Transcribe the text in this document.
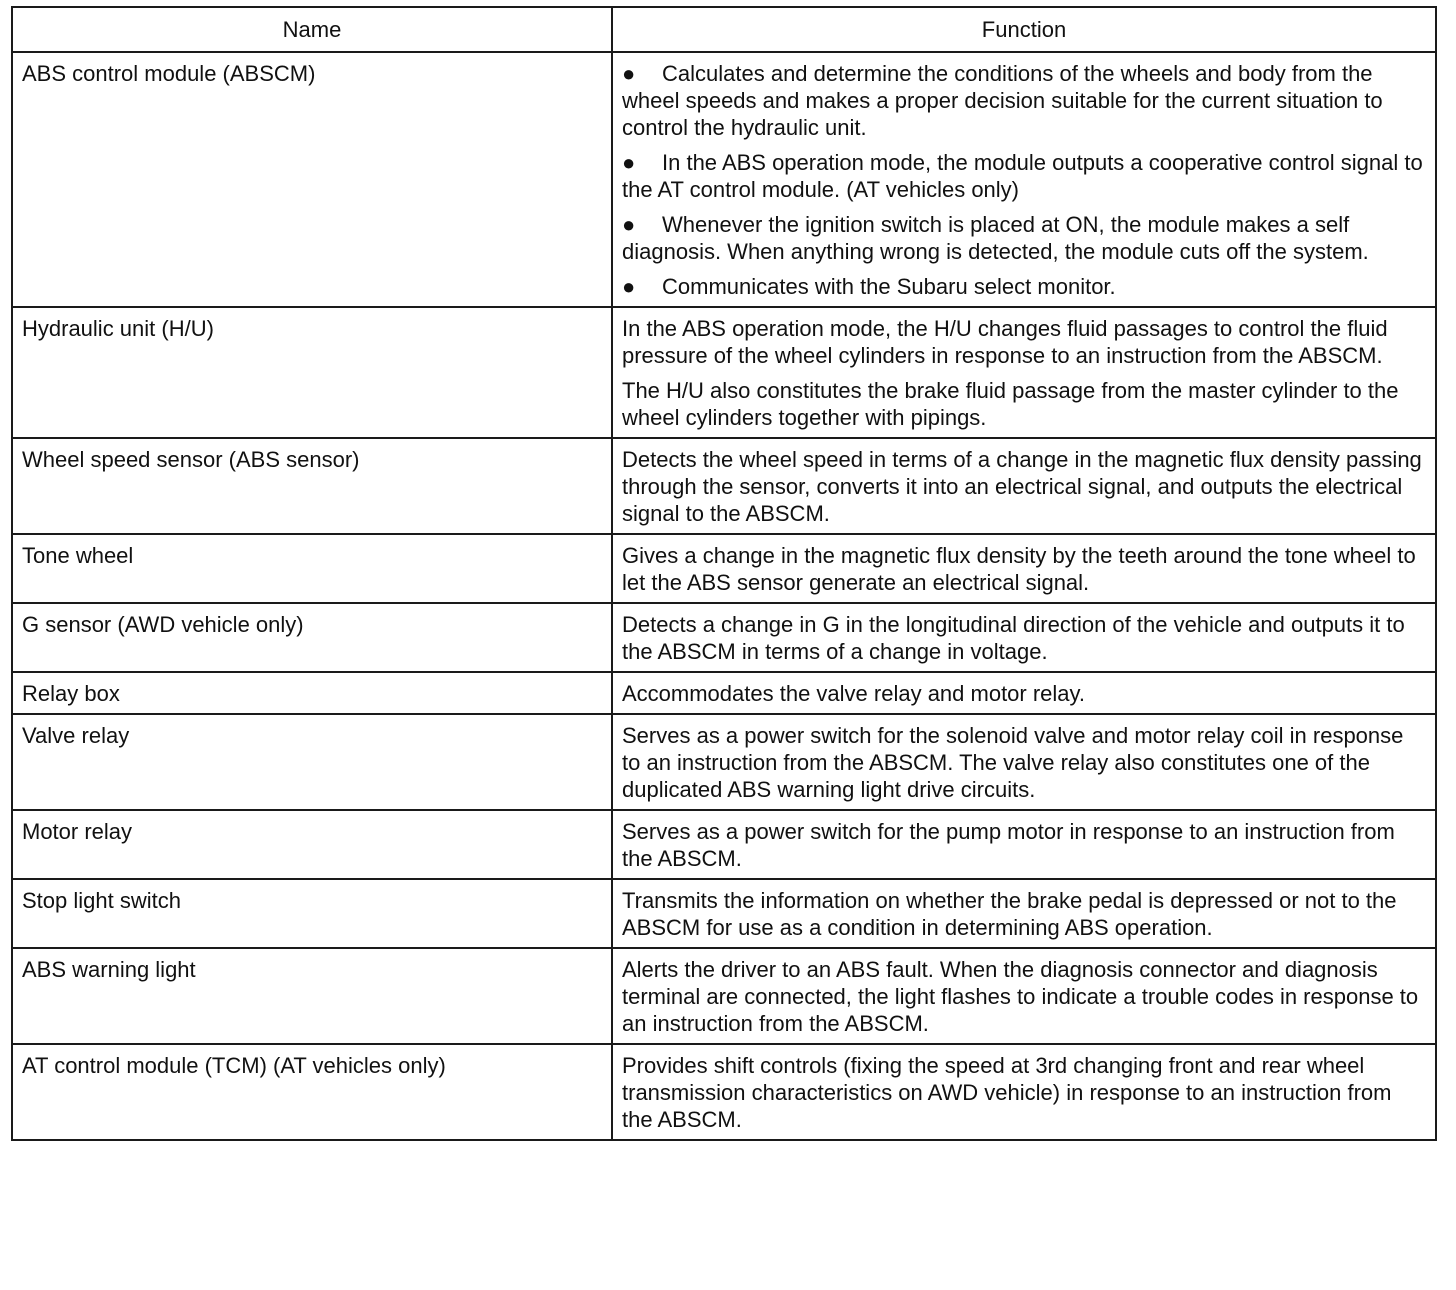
Name	Function
ABS control module (ABSCM)	● Calculates and determine the conditions of the wheels and body from the wheel speeds and makes a proper decision suitable for the current situation to control the hydraulic unit.
● In the ABS operation mode, the module outputs a cooperative control signal to the AT control module. (AT vehicles only)
● Whenever the ignition switch is placed at ON, the module makes a self diagnosis. When anything wrong is detected, the module cuts off the system.
● Communicates with the Subaru select monitor.

Hydraulic unit (H/U)	In the ABS operation mode, the H/U changes fluid passages to control the fluid pressure of the wheel cylinders in response to an instruction from the ABSCM.
The H/U also constitutes the brake fluid passage from the master cylinder to the wheel cylinders together with pipings.

Wheel speed sensor (ABS sensor)	Detects the wheel speed in terms of a change in the magnetic flux density passing through the sensor, converts it into an electrical signal, and outputs the electrical signal to the ABSCM.

Tone wheel	Gives a change in the magnetic flux density by the teeth around the tone wheel to let the ABS sensor generate an electrical signal.

G sensor (AWD vehicle only)	Detects a change in G in the longitudinal direction of the vehicle and outputs it to the ABSCM in terms of a change in voltage.

Relay box	Accommodates the valve relay and motor relay.

Valve relay	Serves as a power switch for the solenoid valve and motor relay coil in response to an instruction from the ABSCM. The valve relay also constitutes one of the duplicated ABS warning light drive circuits.

Motor relay	Serves as a power switch for the pump motor in response to an instruction from the ABSCM.

Stop light switch	Transmits the information on whether the brake pedal is depressed or not to the ABSCM for use as a condition in determining ABS operation.

ABS warning light	Alerts the driver to an ABS fault. When the diagnosis connector and diagnosis terminal are connected, the light flashes to indicate a trouble codes in response to an instruction from the ABSCM.

AT control module (TCM) (AT vehicles only)	Provides shift controls (fixing the speed at 3rd changing front and rear wheel transmission characteristics on AWD vehicle) in response to an instruction from the ABSCM.
